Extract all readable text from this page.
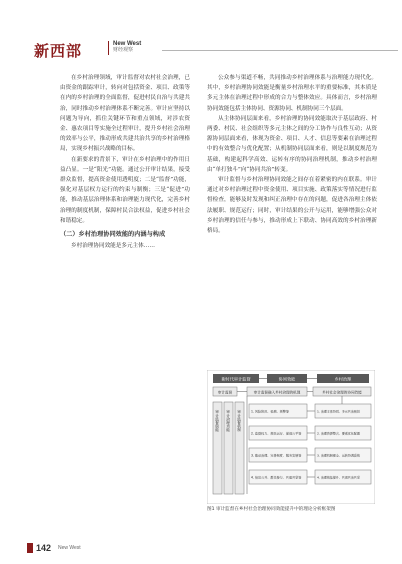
新西部	New West
财经观察

在乡村治理领域，审计监督对农村社会治理，已由资金的跟踪审计，转向对包括资金、项目、政策等在内的乡村治理的全面监督，促进村民自治与共建共治，同时推动乡村治理体系不断完善。审计应坚持以问题为导向，抓住关键环节和重点领域，对涉农资金、惠农项目等实施全过程审计，提升乡村社会治理的效率与公平，推动形成共建共治共享的乡村治理格局，实现乡村振兴战略的目标。

在新要求的背景下，审计在乡村治理中的作用日益凸显。一是“阳光”功能。通过公开审计结果，接受群众监督，提高资金使用透明度；二是“监督”功能，强化对基层权力运行的约束与制衡；三是“促进”功能，推动基层治理体系和治理能力现代化，完善乡村治理的制度机制，保障村民合法权益，促进乡村社会和谐稳定。

（二）乡村治理协同效能的内涵与构成

乡村治理协同效能是多元主体……

公众参与渠道不畅，共同推动乡村治理体系与治理能力现代化。其中，乡村治理协同效能是衡量乡村治理水平的重要标准，其本质是多元主体在治理过程中形成的合力与整体效应。具体而言，乡村治理协同效能包括主体协同、资源协同、机制协同三个层面。

从主体协同层面来看，乡村治理的协同效能取决于基层政府、村两委、村民、社会组织等多元主体之间的分工协作与良性互动；从资源协同层面来看，体现为资金、项目、人才、信息等要素在治理过程中的有效整合与优化配置；从机制协同层面来看，则是以制度规范为基础，构建起科学高效、运转有序的协同治理机制，推动乡村治理由“单打独斗”向“协同共治”转变。

审计监督与乡村治理协同效能之间存在着紧密的内在联系。审计通过对乡村治理过程中资金使用、项目实施、政策落实等情况进行监督检查，能够及时发现和纠正治理中存在的问题，促进各治理主体依法履职、规范运行；同时，审计结果的公开与运用，能够增强公众对乡村治理的信任与参与，推动形成上下联动、协同高效的乡村治理新格局。

新时代审计监督	协同效能	乡村治理
审计监督	审计监督融入乡村治理的机理	乡村社会治理的协同效能
审计监督职能	审计治理功能	审计监督机制	1. 风险防范、检测、预警等
2. 监督权力、规范运行、促进公平等
3. 推动治理、完善制度、服务发展等
4. 信息公开、群众参与、共建共享等
1. 治理主体协同、多元共治格局
2. 治理资源整合、要素优化配置
3. 治理机制健全、运转协调高效
4. 治理效能提升、共建共治共享
图1 审计监督在乡村社会治理协同效能提升中的理论分析框架图
142 New West
